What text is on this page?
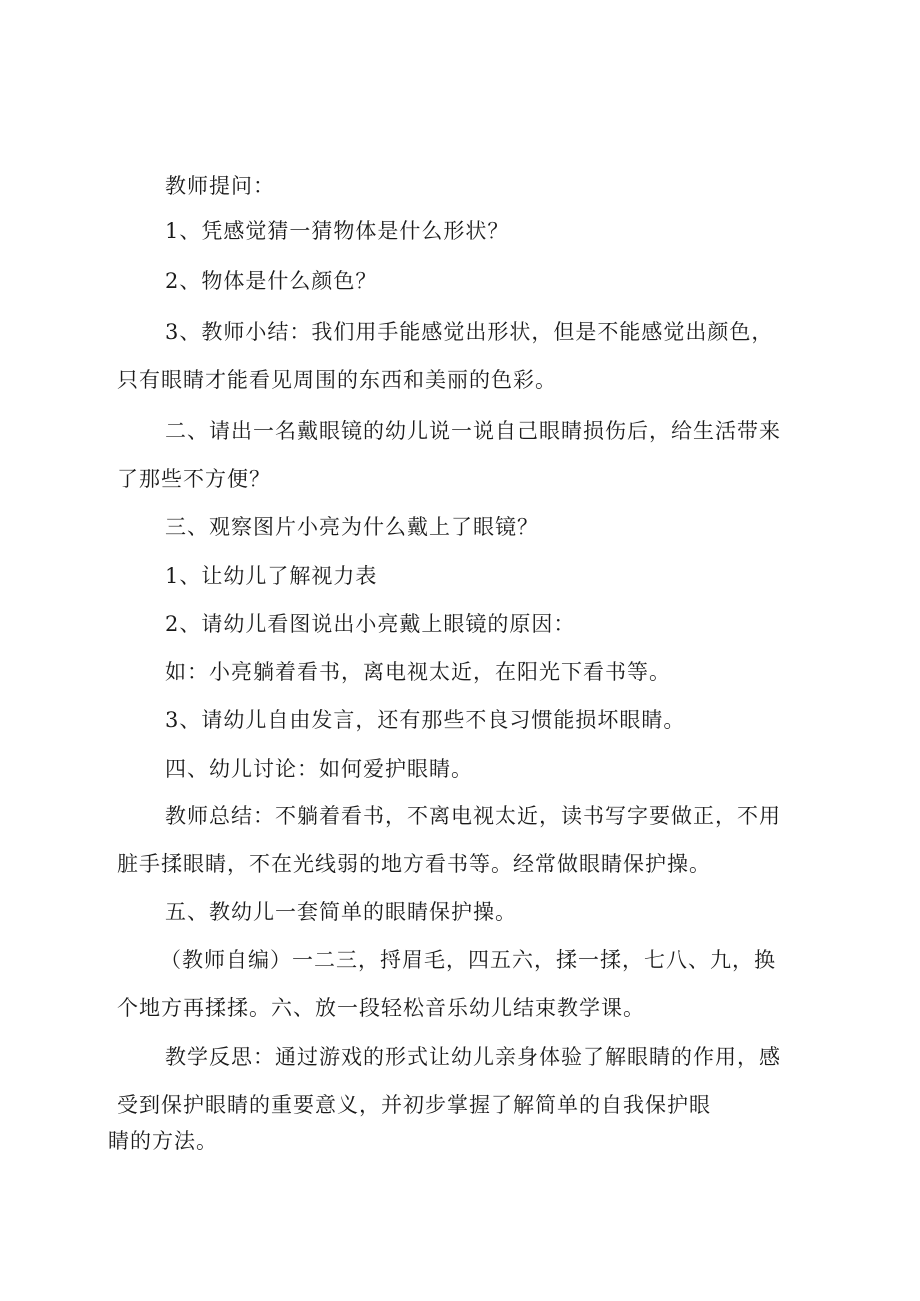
教师提问：
1、凭感觉猜一猜物体是什么形状？
2、物体是什么颜色？
3、教师小结：我们用手能感觉出形状，但是不能感觉出颜色，
只有眼睛才能看见周围的东西和美丽的色彩。
二、请出一名戴眼镜的幼儿说一说自己眼睛损伤后，给生活带来
了那些不方便？
三、观察图片小亮为什么戴上了眼镜？
1、让幼儿了解视力表
2、请幼儿看图说出小亮戴上眼镜的原因：
如：小亮躺着看书，离电视太近，在阳光下看书等。
3、请幼儿自由发言，还有那些不良习惯能损坏眼睛。
四、幼儿讨论：如何爱护眼睛。
教师总结：不躺着看书，不离电视太近，读书写字要做正，不用
脏手揉眼睛，不在光线弱的地方看书等。经常做眼睛保护操。
五、教幼儿一套简单的眼睛保护操。
（教师自编）一二三，捋眉毛，四五六，揉一揉，七八、九，换
个地方再揉揉。六、放一段轻松音乐幼儿结束教学课。
教学反思：通过游戏的形式让幼儿亲身体验了解眼睛的作用，感
受到保护眼睛的重要意义，并初步掌握了解简单的自我保护眼
睛的方法。
